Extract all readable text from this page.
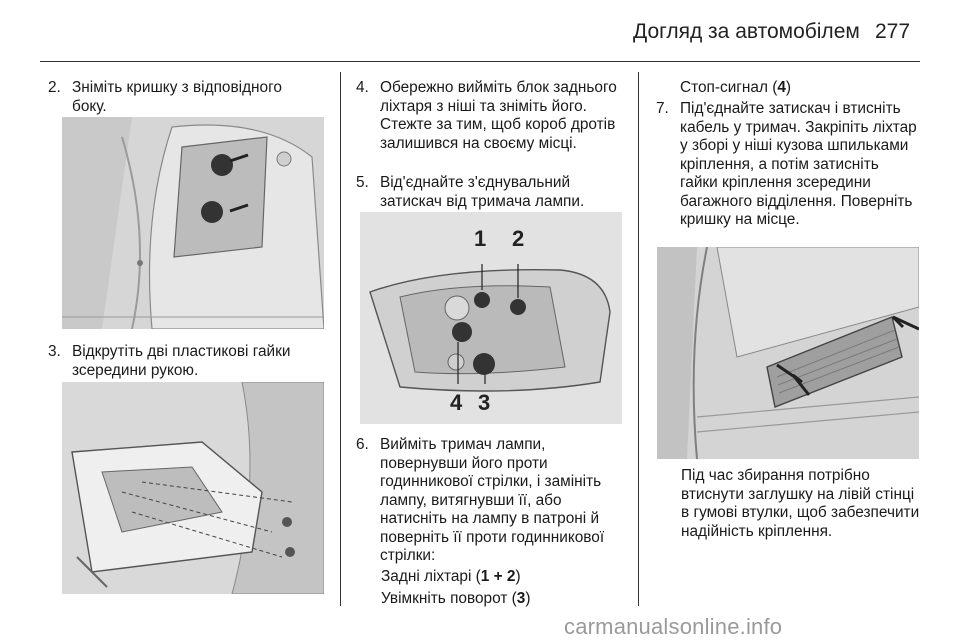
Догляд за автомобілем 277
2. Зніміть кришку з відповідного боку.
3. Відкрутіть дві пластикові гайки зсередини рукою.
4. Обережно вийміть блок заднього ліхтаря з ніші та зніміть його. Стежте за тим, щоб короб дротів залишився на своєму місці.
5. Від'єднайте з'єднувальний затискач від тримача лампи.
1 2
4 3
6. Вийміть тримач лампи, повернувши його проти годинникової стрілки, і замініть лампу, витягнувши її, або натисніть на лампу в патроні й поверніть її проти годинникової стрілки:
Задні ліхтарі (1 + 2)
Увімкніть поворот (3)
Стоп-сигнал (4)
7. Під'єднайте затискач і втисніть кабель у тримач. Закріпіть ліхтар у зборі у ніші кузова шпильками кріплення, а потім затисніть гайки кріплення зсередини багажного відділення. Поверніть кришку на місце.
Під час збирання потрібно втиснути заглушку на лівій стінці в гумові втулки, щоб забезпечити надійність кріплення.
carmanualsonline.info
